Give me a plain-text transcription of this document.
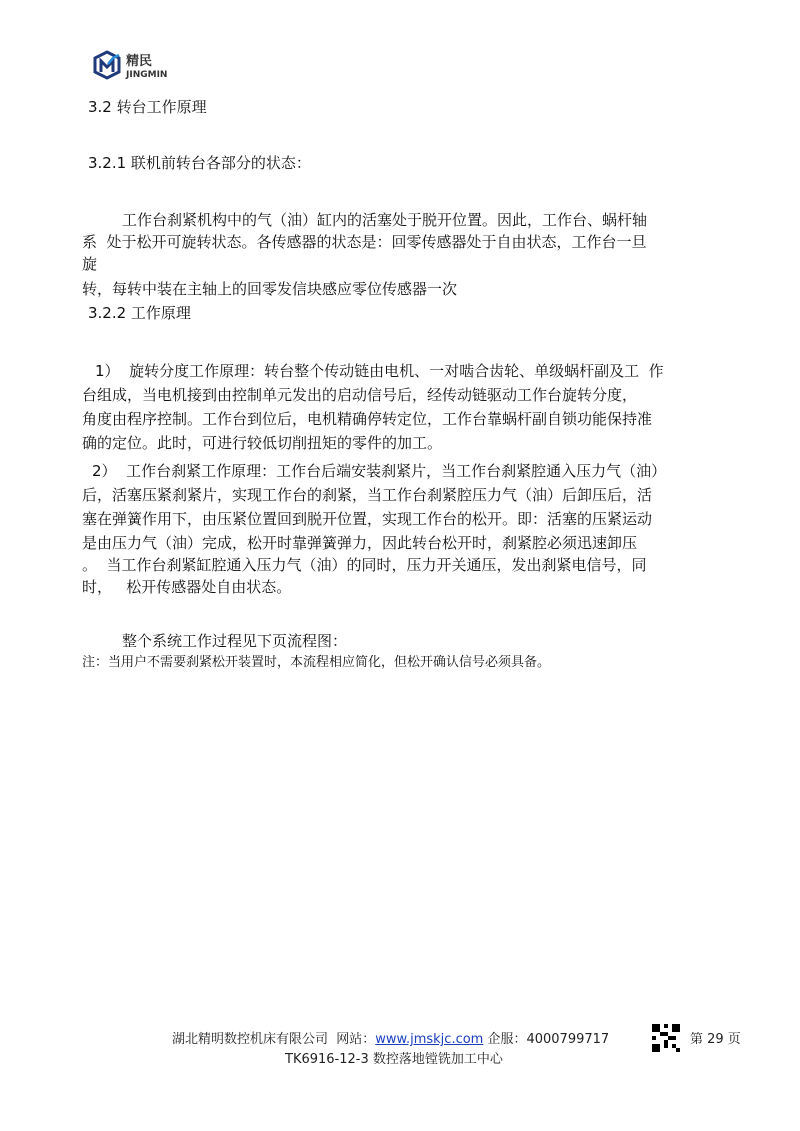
精民
JINGMIN
3.2 转台工作原理
3.2.1 联机前转台各部分的状态：
工作台刹紧机构中的气（油）缸内的活塞处于脱开位置。因此，工作台、蜗杆轴
系  处于松开可旋转状态。各传感器的状态是：回零传感器处于自由状态，工作台一旦
旋
转，每转中装在主轴上的回零发信块感应零位传感器一次
3.2.2 工作原理
1）  旋转分度工作原理：转台整个传动链由电机、一对啮合齿轮、单级蜗杆副及工  作
台组成，当电机接到由控制单元发出的启动信号后，经传动链驱动工作台旋转分度，
角度由程序控制。工作台到位后，电机精确停转定位，工作台靠蜗杆副自锁功能保持准
确的定位。此时，可进行较低切削扭矩的零件的加工。
2）  工作台刹紧工作原理：工作台后端安装刹紧片，当工作台刹紧腔通入压力气（油）
后，活塞压紧刹紧片，实现工作台的刹紧，当工作台刹紧腔压力气（油）后卸压后，活
塞在弹簧作用下，由压紧位置回到脱开位置，实现工作台的松开。即：活塞的压紧运动
是由压力气（油）完成，松开时靠弹簧弹力，因此转台松开时，刹紧腔必须迅速卸压
。  当工作台刹紧缸腔通入压力气（油）的同时，压力开关通压，发出刹紧电信号，同
时，   松开传感器处自由状态。
整个系统工作过程见下页流程图：
注：当用户不需要刹紧松开装置时，本流程相应简化，但松开确认信号必须具备。
湖北精明数控机床有限公司  网站：www.jmskjc.com 企服：4000799717	第 29 页
TK6916-12-3 数控落地镗铣加工中心
